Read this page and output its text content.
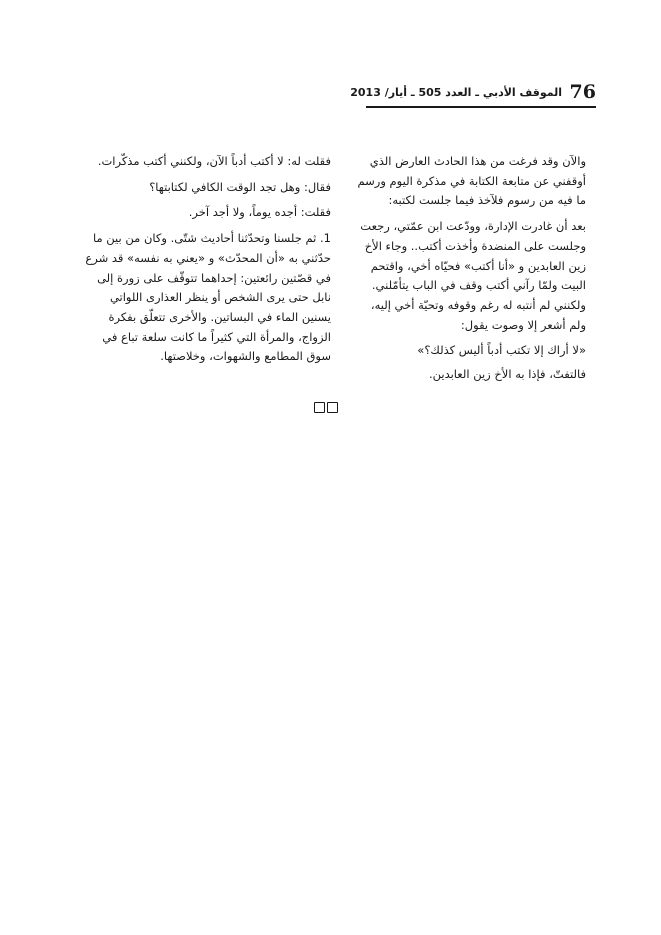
76
الموقف الأدبي ـ العدد 505 ـ أيار/ 2013

والآن وقد فرغت من هذا الحادث العارض الذي أوقفني عن متابعة الكتابة في مذكرة اليوم ورسم ما فيه من رسوم فلآخذ فيما جلست لكتبه:

بعد أن غادرت الإدارة، وودّعت ابن عمّتي، رجعت وجلست على المنضدة وأخذت أكتب.. وجاء الأخ زين العابدين و «أنا أكتب» فحيّاه أخي، واقتحم البيت ولمّا رآني أكتب وقف في الباب يتأمّلني. ولكنني لم أنتبه له رغم وقوفه وتحيّة أخي إليه، ولم أشعر إلا وصوت يقول:

«لا أراك إلا تكتب أدباً أليس كذلك؟»

فالتفتّ، فإذا به الأخ زين العابدين.

فقلت له: لا أكتب أدباً الآن، ولكنني أكتب مذكّرات.

فقال: وهل تجد الوقت الكافي لكتابتها؟

فقلت: أجده يوماً، ولا أجد آخر.

1. ثم جلسنا وتحدّثنا أحاديث شتّى. وكان من بين ما حدّثني به «أن المحدّث» و «يعني به نفسه» قد شرع في قصّتين رائعتين: إحداهما تتوقّف على زورة إلى نابل حتى يرى الشخص أو ينظر العذارى اللواتي يسنين الماء في البساتين. والأخرى تتعلّق بفكرة الزواج، والمرأة التي كثيراً ما كانت سلعة تباع في سوق المطامع والشهوات، وخلاصتها.
